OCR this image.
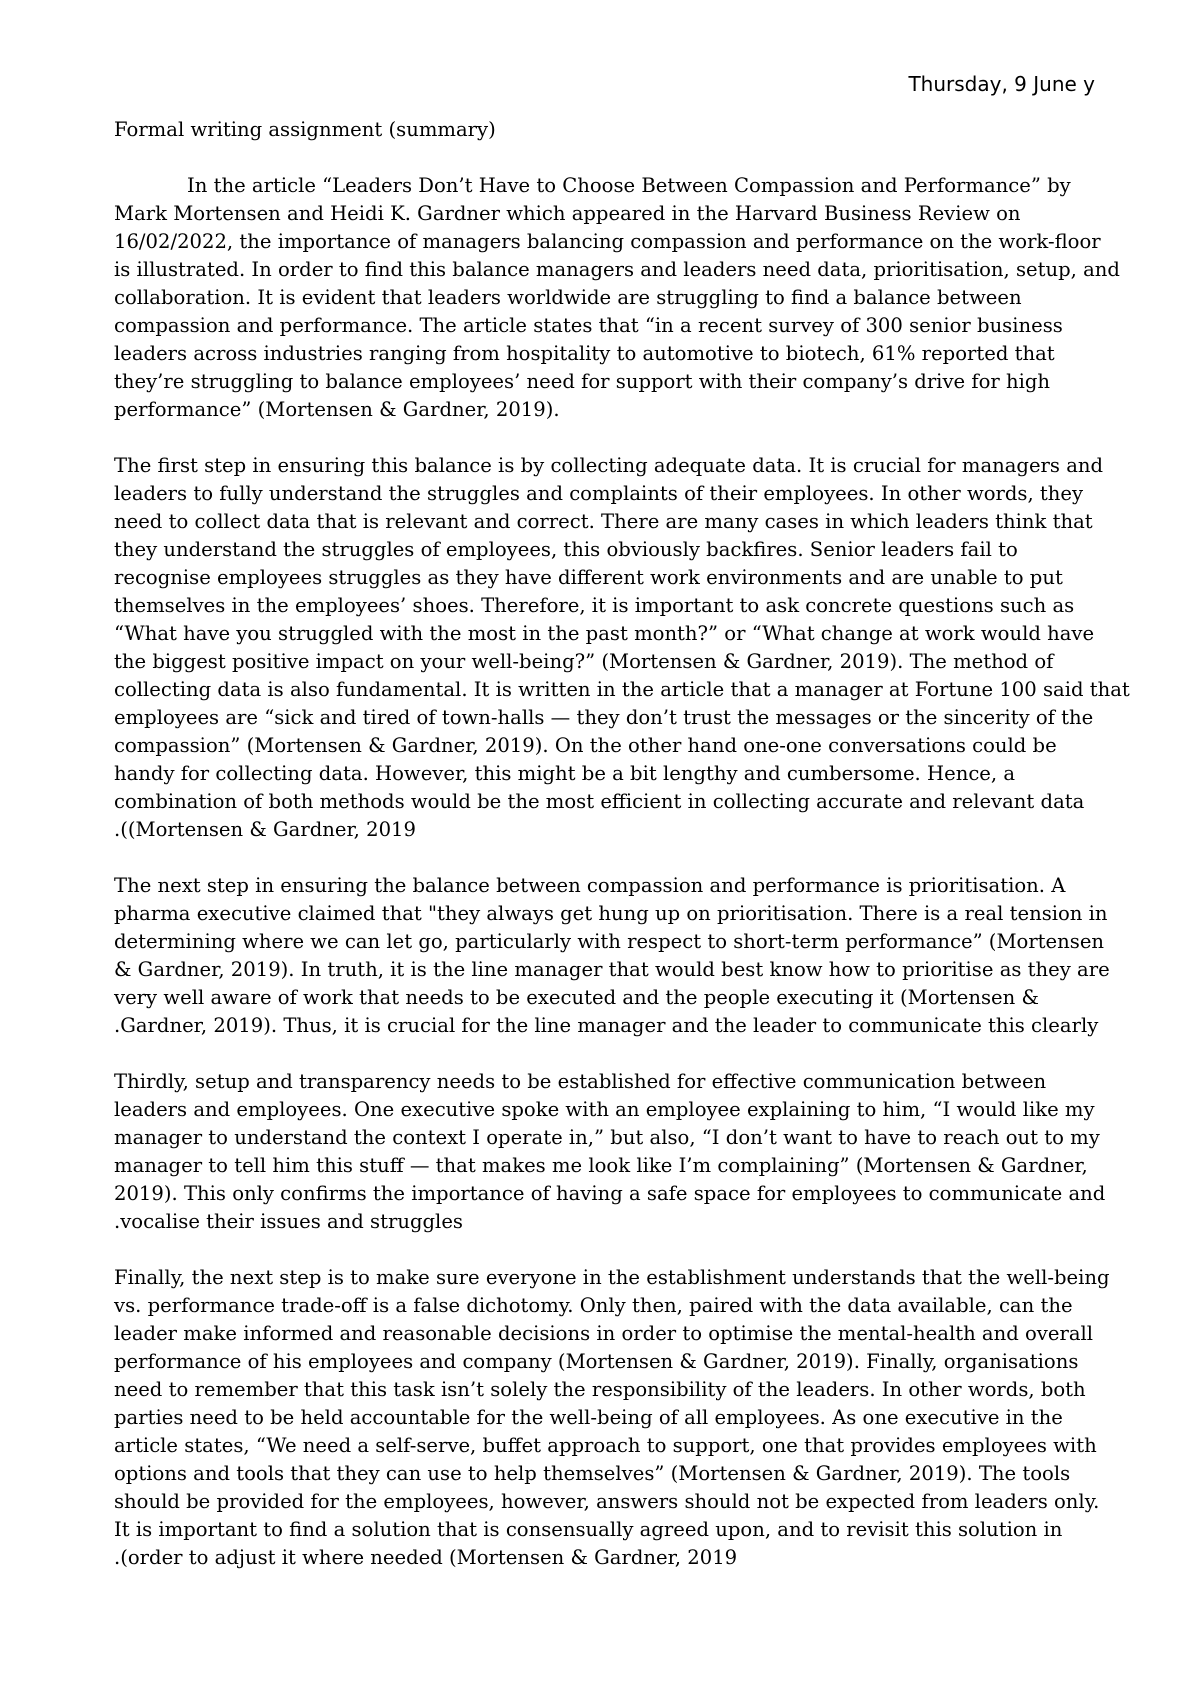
Thursday, 9 June y
Formal writing assignment (summary)
In the article “Leaders Don’t Have to Choose Between Compassion and Performance” by
Mark Mortensen and Heidi K. Gardner which appeared in the Harvard Business Review on
16/02/2022, the importance of managers balancing compassion and performance on the work-floor
is illustrated. In order to find this balance managers and leaders need data, prioritisation, setup, and
collaboration. It is evident that leaders worldwide are struggling to find a balance between
compassion and performance. The article states that “in a recent survey of 300 senior business
leaders across industries ranging from hospitality to automotive to biotech, 61% reported that
they’re struggling to balance employees’ need for support with their company’s drive for high
performance” (Mortensen & Gardner, 2019).
The first step in ensuring this balance is by collecting adequate data. It is crucial for managers and
leaders to fully understand the struggles and complaints of their employees. In other words, they
need to collect data that is relevant and correct. There are many cases in which leaders think that
they understand the struggles of employees, this obviously backfires. Senior leaders fail to
recognise employees struggles as they have different work environments and are unable to put
themselves in the employees’ shoes. Therefore, it is important to ask concrete questions such as
“What have you struggled with the most in the past month?” or “What change at work would have
the biggest positive impact on your well-being?” (Mortensen & Gardner, 2019). The method of
collecting data is also fundamental. It is written in the article that a manager at Fortune 100 said that
employees are “sick and tired of town-halls — they don’t trust the messages or the sincerity of the
compassion” (Mortensen & Gardner, 2019). On the other hand one-one conversations could be
handy for collecting data. However, this might be a bit lengthy and cumbersome. Hence, a
combination of both methods would be the most efficient in collecting accurate and relevant data
.((Mortensen & Gardner, 2019
The next step in ensuring the balance between compassion and performance is prioritisation. A
pharma executive claimed that "they always get hung up on prioritisation. There is a real tension in
determining where we can let go, particularly with respect to short-term performance” (Mortensen
& Gardner, 2019). In truth, it is the line manager that would best know how to prioritise as they are
very well aware of work that needs to be executed and the people executing it (Mortensen &
.Gardner, 2019). Thus, it is crucial for the line manager and the leader to communicate this clearly
Thirdly, setup and transparency needs to be established for effective communication between
leaders and employees. One executive spoke with an employee explaining to him, “I would like my
manager to understand the context I operate in,” but also, “I don’t want to have to reach out to my
manager to tell him this stuff — that makes me look like I’m complaining” (Mortensen & Gardner,
2019). This only confirms the importance of having a safe space for employees to communicate and
.vocalise their issues and struggles
Finally, the next step is to make sure everyone in the establishment understands that the well-being
vs. performance trade-off is a false dichotomy. Only then, paired with the data available, can the
leader make informed and reasonable decisions in order to optimise the mental-health and overall
performance of his employees and company (Mortensen & Gardner, 2019). Finally, organisations
need to remember that this task isn’t solely the responsibility of the leaders. In other words, both
parties need to be held accountable for the well-being of all employees. As one executive in the
article states, “We need a self-serve, buffet approach to support, one that provides employees with
options and tools that they can use to help themselves” (Mortensen & Gardner, 2019). The tools
should be provided for the employees, however, answers should not be expected from leaders only.
It is important to find a solution that is consensually agreed upon, and to revisit this solution in
.(order to adjust it where needed (Mortensen & Gardner, 2019
